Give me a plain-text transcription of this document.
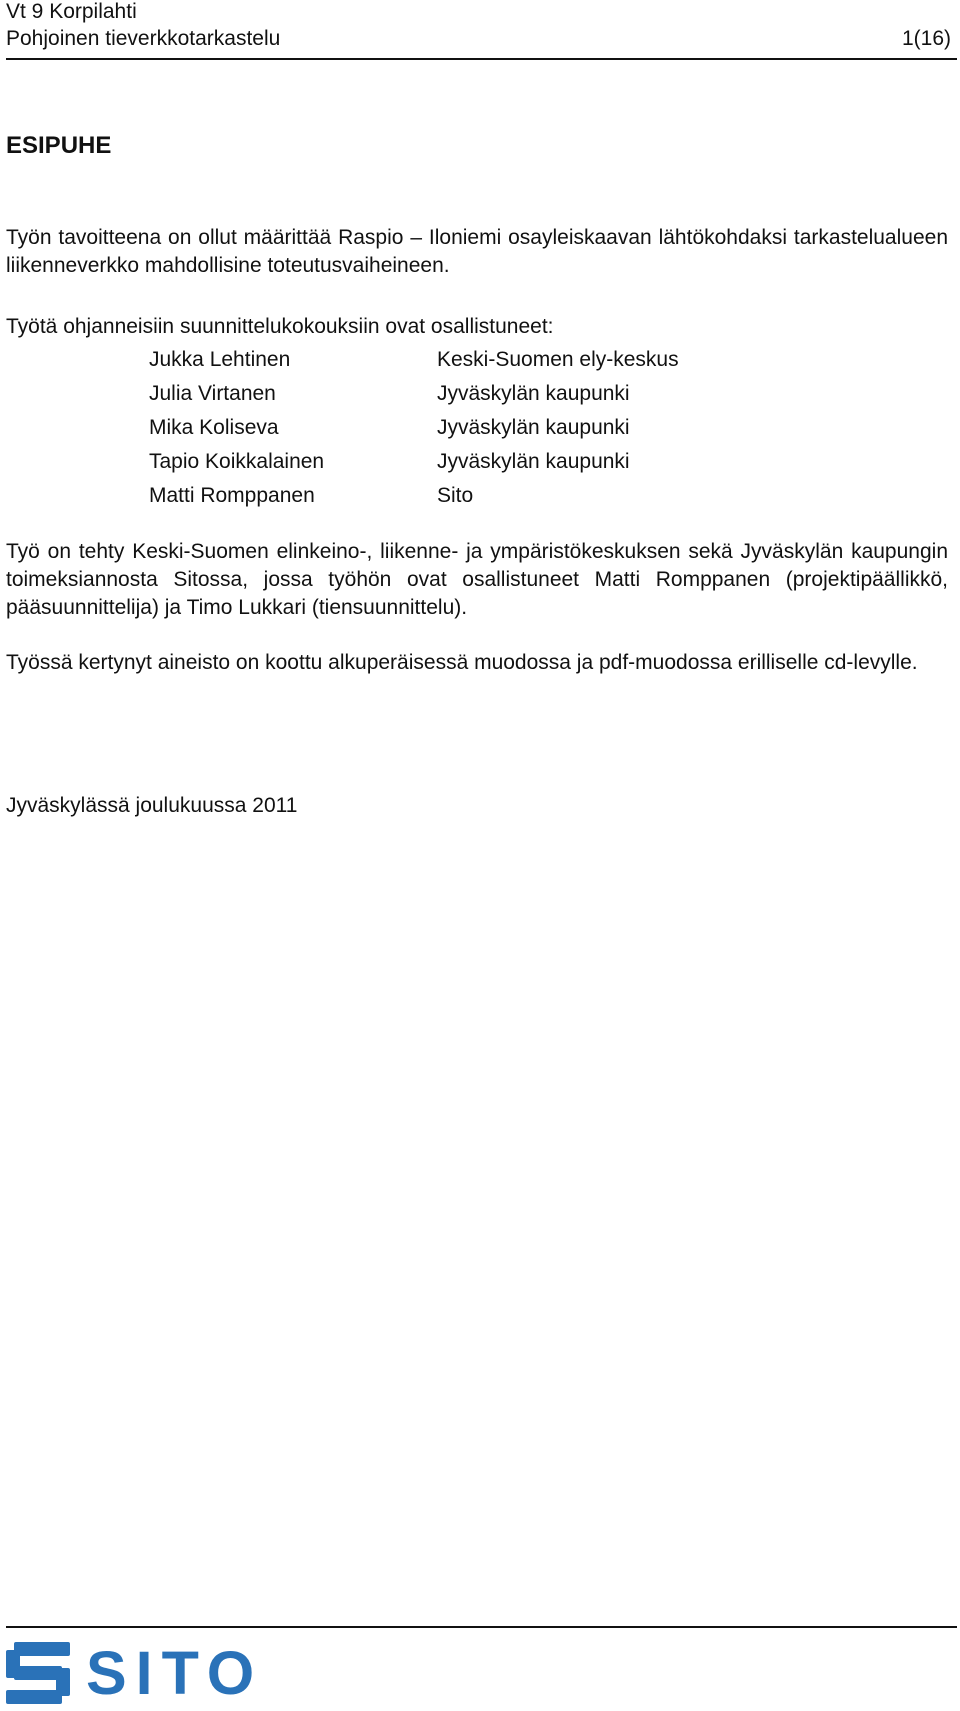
Vt 9 Korpilahti
Pohjoinen tieverkkotarkastelu	1(16)
ESIPUHE

Työn tavoitteena on ollut määrittää Raspio – Iloniemi osayleiskaavan lähtökohdaksi tarkastelualueen liikenneverkko mahdollisine toteutusvaiheineen.

Työtä ohjanneisiin suunnittelukokouksiin ovat osallistuneet:

Jukka Lehtinen	Keski-Suomen ely-keskus
Julia Virtanen	Jyväskylän kaupunki
Mika Koliseva	Jyväskylän kaupunki
Tapio Koikkalainen	Jyväskylän kaupunki
Matti Romppanen	Sito

Työ on tehty Keski-Suomen elinkeino-, liikenne- ja ympäristökeskuksen sekä Jyväskylän kaupungin toimeksiannosta Sitossa, jossa työhön ovat osallistuneet Matti Romppanen (projektipäällikkö, pääsuunnittelija) ja Timo Lukkari (tiensuunnittelu).

Työssä kertynyt aineisto on koottu alkuperäisessä muodossa ja pdf-muodossa erilliselle cd-levylle.

Jyväskylässä joulukuussa 2011
SITO
